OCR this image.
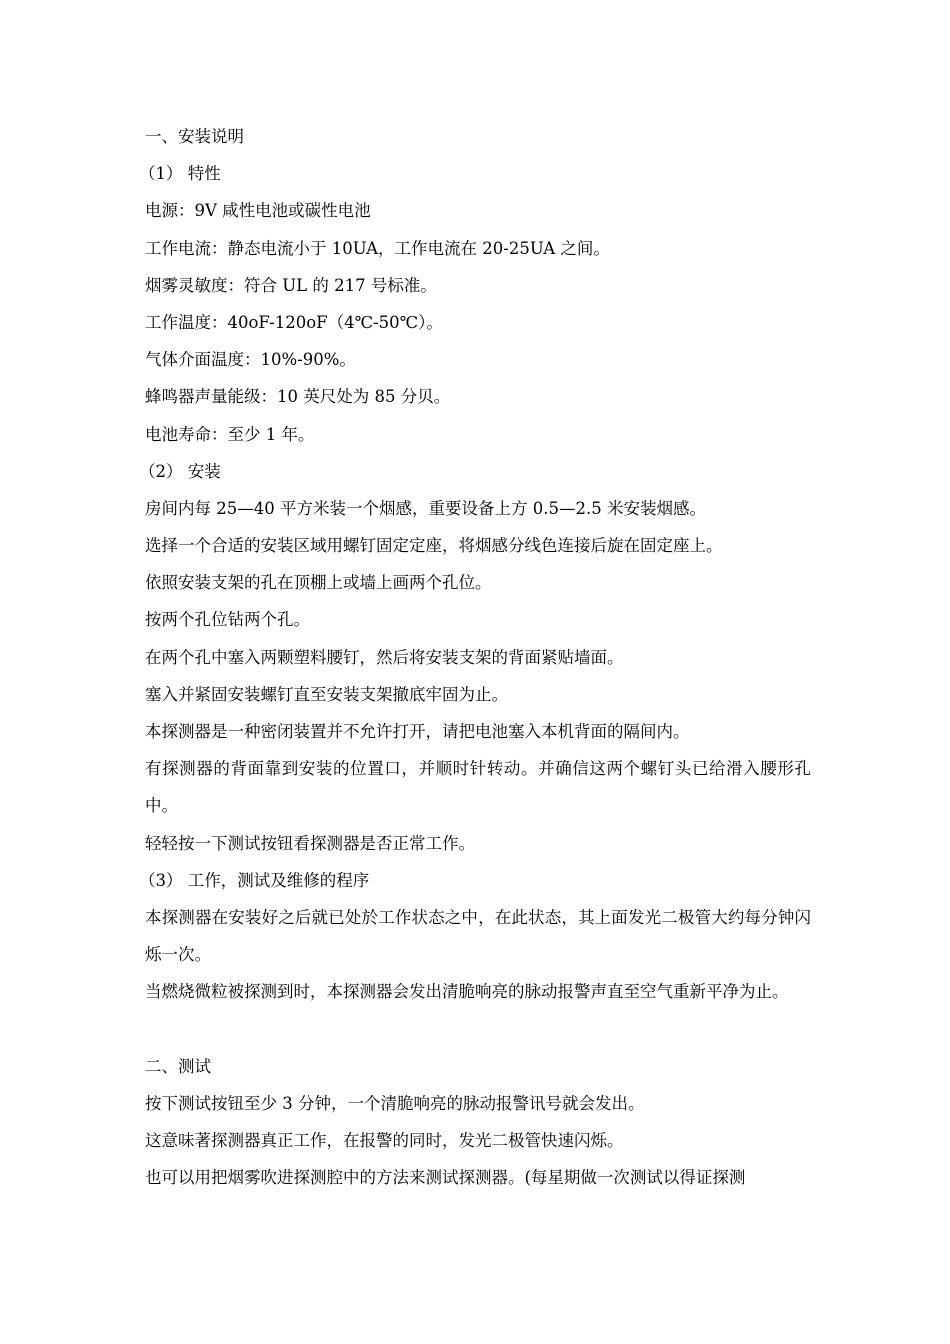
一、安装说明
（1） 特性
电源：9V 咸性电池或碳性电池
工作电流：静态电流小于 10UA，工作电流在 20-25UA 之间。
烟雾灵敏度：符合 UL 的 217 号标准。
工作温度：40oF-120oF（4℃-50℃）。
气体介面温度：10%-90%。
蜂鸣器声量能级：10 英尺处为 85 分贝。
电池寿命：至少 1 年。
（2） 安装
房间内每 25—40 平方米装一个烟感，重要设备上方 0.5—2.5 米安装烟感。
选择一个合适的安装区域用螺钉固定定座，将烟感分线色连接后旋在固定座上。
依照安装支架的孔在顶棚上或墙上画两个孔位。
按两个孔位钻两个孔。
在两个孔中塞入两颗塑料腰钉，然后将安装支架的背面紧贴墙面。
塞入并紧固安装螺钉直至安装支架撤底牢固为止。
本探测器是一种密闭装置并不允许打开，请把电池塞入本机背面的隔间内。
有探测器的背面靠到安装的位置口，并顺时针转动。并确信这两个螺钉头已给滑入腰形孔中。
轻轻按一下测试按钮看探测器是否正常工作。
（3） 工作，测试及维修的程序
本探测器在安装好之后就已处於工作状态之中，在此状态，其上面发光二极管大约每分钟闪烁一次。
当燃烧微粒被探测到时，本探测器会发出清脆响亮的脉动报警声直至空气重新平净为止。
二、测试
按下测试按钮至少 3 分钟，一个清脆响亮的脉动报警讯号就会发出。
这意味著探测器真正工作，在报警的同时，发光二极管快速闪烁。
也可以用把烟雾吹进探测腔中的方法来测试探测器。(每星期做一次测试以得证探测
